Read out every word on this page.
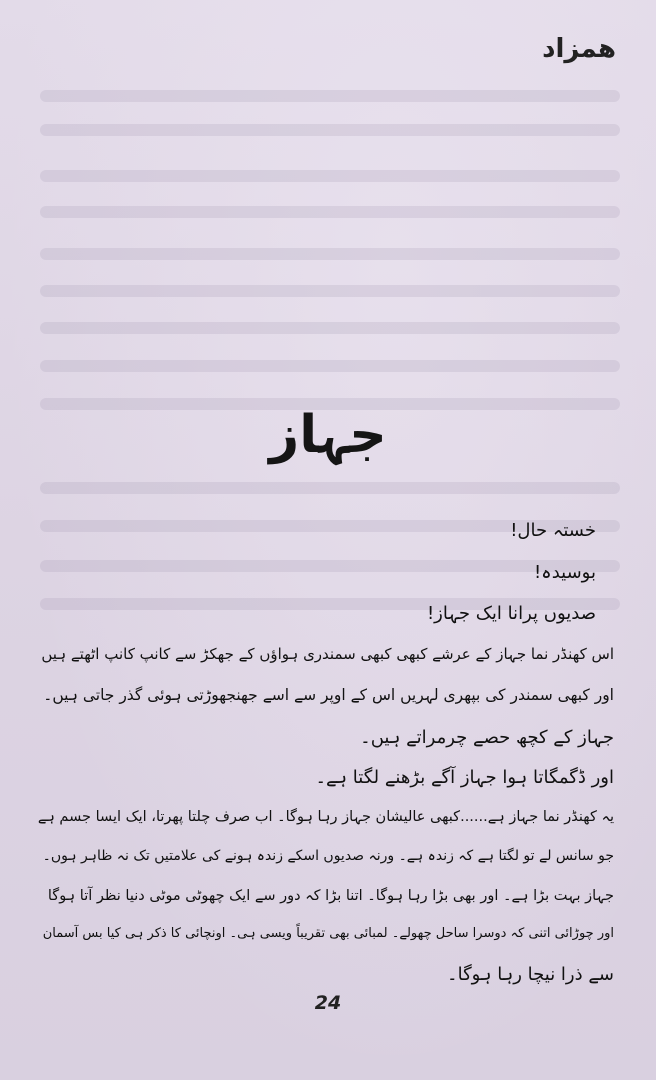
همزاد
جہاز
خستہ حال!
بوسیدہ!
صدیوں پرانا ایک جہاز!
اس کھنڈر نما جہاز کے عرشے کبھی کبھی سمندری ہواؤں کے جھکڑ سے کانپ کانپ اٹھتے ہیں
اور کبھی سمندر کی بپھری لہریں اس کے اوپر سے اسے جھنجھوڑتی ہوئی گذر جاتی ہیں۔
جہاز کے کچھ حصے چرمراتے ہیں۔
اور ڈگمگاتا ہوا جہاز آگے بڑھنے لگتا ہے۔
یہ کھنڈر نما جہاز ہے......کبھی عالیشان جہاز رہا ہوگا۔ اب صرف چلتا پھرتا، ایک ایسا جسم ہے
جو سانس لے تو لگتا ہے کہ زندہ ہے۔ ورنہ صدیوں اسکے زندہ ہونے کی علامتیں تک نہ ظاہر ہوں۔
جہاز بہت بڑا ہے۔ اور بھی بڑا رہا ہوگا۔ اتنا بڑا کہ دور سے ایک چھوٹی موٹی دنیا نظر آتا ہوگا
اور چوڑائی اتنی کہ دوسرا ساحل چھولے۔ لمبائی بھی تقریباً ویسی ہی۔ اونچائی کا ذکر ہی کیا بس آسمان
سے ذرا نیچا رہا ہوگا۔
24
